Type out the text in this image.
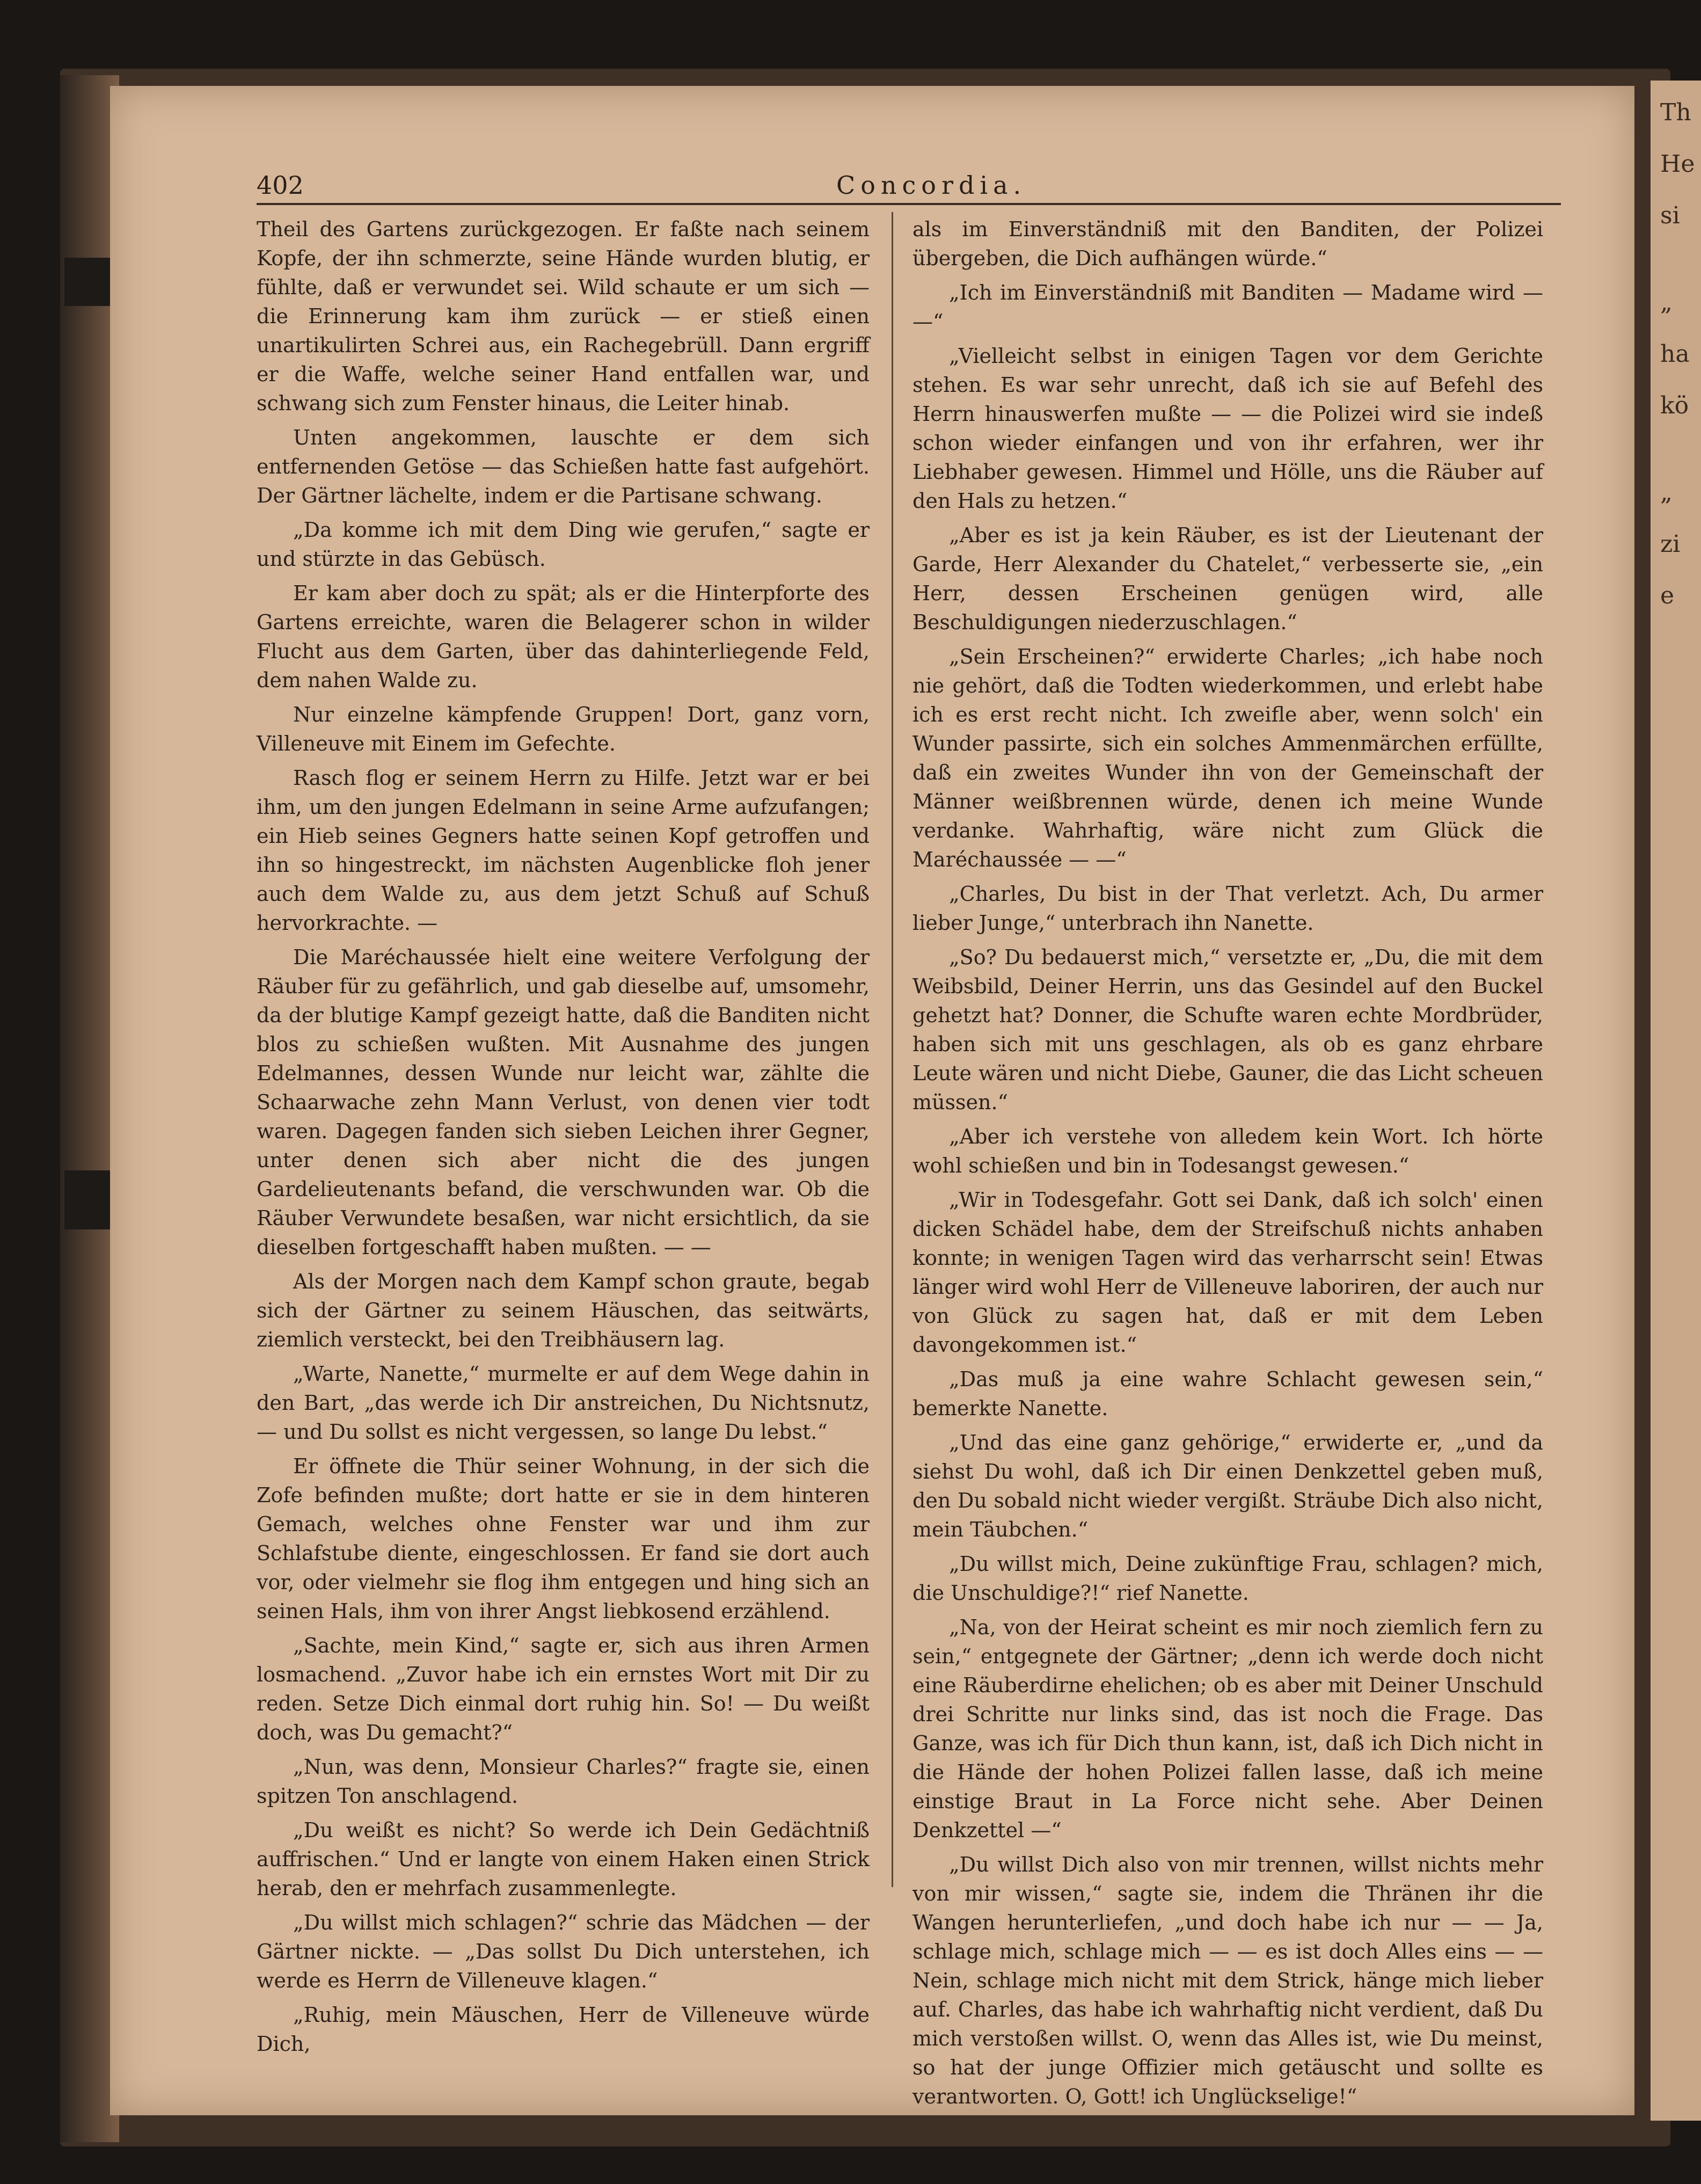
Th
He
si
„
ha
kö
„
zi
e
402	Concordia.

Theil des Gartens zurückgezogen. Er faßte nach seinem Kopfe, der ihn schmerzte, seine Hände wurden blutig, er fühlte, daß er verwundet sei. Wild schaute er um sich — die Erinnerung kam ihm zurück — er stieß einen unartikulirten Schrei aus, ein Rachegebrüll. Dann ergriff er die Waffe, welche seiner Hand entfallen war, und schwang sich zum Fenster hinaus, die Leiter hinab.

Unten angekommen, lauschte er dem sich entfernenden Getöse — das Schießen hatte fast aufgehört. Der Gärtner lächelte, indem er die Partisane schwang.

„Da komme ich mit dem Ding wie gerufen,“ sagte er und stürzte in das Gebüsch.

Er kam aber doch zu spät; als er die Hinterpforte des Gartens erreichte, waren die Belagerer schon in wilder Flucht aus dem Garten, über das dahinterliegende Feld, dem nahen Walde zu.

Nur einzelne kämpfende Gruppen! Dort, ganz vorn, Villeneuve mit Einem im Gefechte.

Rasch flog er seinem Herrn zu Hilfe. Jetzt war er bei ihm, um den jungen Edelmann in seine Arme aufzufangen; ein Hieb seines Gegners hatte seinen Kopf getroffen und ihn so hingestreckt, im nächsten Augenblicke floh jener auch dem Walde zu, aus dem jetzt Schuß auf Schuß hervorkrachte. —

Die Maréchaussée hielt eine weitere Verfolgung der Räuber für zu gefährlich, und gab dieselbe auf, umsomehr, da der blutige Kampf gezeigt hatte, daß die Banditen nicht blos zu schießen wußten. Mit Ausnahme des jungen Edelmannes, dessen Wunde nur leicht war, zählte die Schaarwache zehn Mann Verlust, von denen vier todt waren. Dagegen fanden sich sieben Leichen ihrer Gegner, unter denen sich aber nicht die des jungen Gardelieutenants befand, die verschwunden war. Ob die Räuber Verwundete besaßen, war nicht ersichtlich, da sie dieselben fortgeschafft haben mußten. — —

Als der Morgen nach dem Kampf schon graute, begab sich der Gärtner zu seinem Häuschen, das seitwärts, ziemlich versteckt, bei den Treibhäusern lag.

„Warte, Nanette,“ murmelte er auf dem Wege dahin in den Bart, „das werde ich Dir anstreichen, Du Nichtsnutz, — und Du sollst es nicht vergessen, so lange Du lebst.“

Er öffnete die Thür seiner Wohnung, in der sich die Zofe befinden mußte; dort hatte er sie in dem hinteren Gemach, welches ohne Fenster war und ihm zur Schlafstube diente, eingeschlossen. Er fand sie dort auch vor, oder vielmehr sie flog ihm entgegen und hing sich an seinen Hals, ihm von ihrer Angst liebkosend erzählend.

„Sachte, mein Kind,“ sagte er, sich aus ihren Armen losmachend. „Zuvor habe ich ein ernstes Wort mit Dir zu reden. Setze Dich einmal dort ruhig hin. So! — Du weißt doch, was Du gemacht?“

„Nun, was denn, Monsieur Charles?“ fragte sie, einen spitzen Ton anschlagend.

„Du weißt es nicht? So werde ich Dein Gedächtniß auffrischen.“ Und er langte von einem Haken einen Strick herab, den er mehrfach zusammenlegte.

„Du willst mich schlagen?“ schrie das Mädchen — der Gärtner nickte. — „Das sollst Du Dich unterstehen, ich werde es Herrn de Villeneuve klagen.“

„Ruhig, mein Mäuschen, Herr de Villeneuve würde Dich,

als im Einverständniß mit den Banditen, der Polizei übergeben, die Dich aufhängen würde.“

„Ich im Einverständniß mit Banditen — Madame wird — —“

„Vielleicht selbst in einigen Tagen vor dem Gerichte stehen. Es war sehr unrecht, daß ich sie auf Befehl des Herrn hinauswerfen mußte — — die Polizei wird sie indeß schon wieder einfangen und von ihr erfahren, wer ihr Liebhaber gewesen. Himmel und Hölle, uns die Räuber auf den Hals zu hetzen.“

„Aber es ist ja kein Räuber, es ist der Lieutenant der Garde, Herr Alexander du Chatelet,“ verbesserte sie, „ein Herr, dessen Erscheinen genügen wird, alle Beschuldigungen niederzuschlagen.“

„Sein Erscheinen?“ erwiderte Charles; „ich habe noch nie gehört, daß die Todten wiederkommen, und erlebt habe ich es erst recht nicht. Ich zweifle aber, wenn solch' ein Wunder passirte, sich ein solches Ammenmärchen erfüllte, daß ein zweites Wunder ihn von der Gemeinschaft der Männer weißbrennen würde, denen ich meine Wunde verdanke. Wahrhaftig, wäre nicht zum Glück die Maréchaussée — —“

„Charles, Du bist in der That verletzt. Ach, Du armer lieber Junge,“ unterbrach ihn Nanette.

„So? Du bedauerst mich,“ versetzte er, „Du, die mit dem Weibsbild, Deiner Herrin, uns das Gesindel auf den Buckel gehetzt hat? Donner, die Schufte waren echte Mordbrüder, haben sich mit uns geschlagen, als ob es ganz ehrbare Leute wären und nicht Diebe, Gauner, die das Licht scheuen müssen.“

„Aber ich verstehe von alledem kein Wort. Ich hörte wohl schießen und bin in Todesangst gewesen.“

„Wir in Todesgefahr. Gott sei Dank, daß ich solch' einen dicken Schädel habe, dem der Streifschuß nichts anhaben konnte; in wenigen Tagen wird das verharrscht sein! Etwas länger wird wohl Herr de Villeneuve laboriren, der auch nur von Glück zu sagen hat, daß er mit dem Leben davongekommen ist.“

„Das muß ja eine wahre Schlacht gewesen sein,“ bemerkte Nanette.

„Und das eine ganz gehörige,“ erwiderte er, „und da siehst Du wohl, daß ich Dir einen Denkzettel geben muß, den Du sobald nicht wieder vergißt. Sträube Dich also nicht, mein Täubchen.“

„Du willst mich, Deine zukünftige Frau, schlagen? mich, die Unschuldige?!“ rief Nanette.

„Na, von der Heirat scheint es mir noch ziemlich fern zu sein,“ entgegnete der Gärtner; „denn ich werde doch nicht eine Räuberdirne ehelichen; ob es aber mit Deiner Unschuld drei Schritte nur links sind, das ist noch die Frage. Das Ganze, was ich für Dich thun kann, ist, daß ich Dich nicht in die Hände der hohen Polizei fallen lasse, daß ich meine einstige Braut in La Force nicht sehe. Aber Deinen Denkzettel —“

„Du willst Dich also von mir trennen, willst nichts mehr von mir wissen,“ sagte sie, indem die Thränen ihr die Wangen herunterliefen, „und doch habe ich nur — — Ja, schlage mich, schlage mich — — es ist doch Alles eins — — Nein, schlage mich nicht mit dem Strick, hänge mich lieber auf. Charles, das habe ich wahrhaftig nicht verdient, daß Du mich verstoßen willst. O, wenn das Alles ist, wie Du meinst, so hat der junge Offizier mich getäuscht und sollte es verantworten. O, Gott! ich Unglückselige!“
